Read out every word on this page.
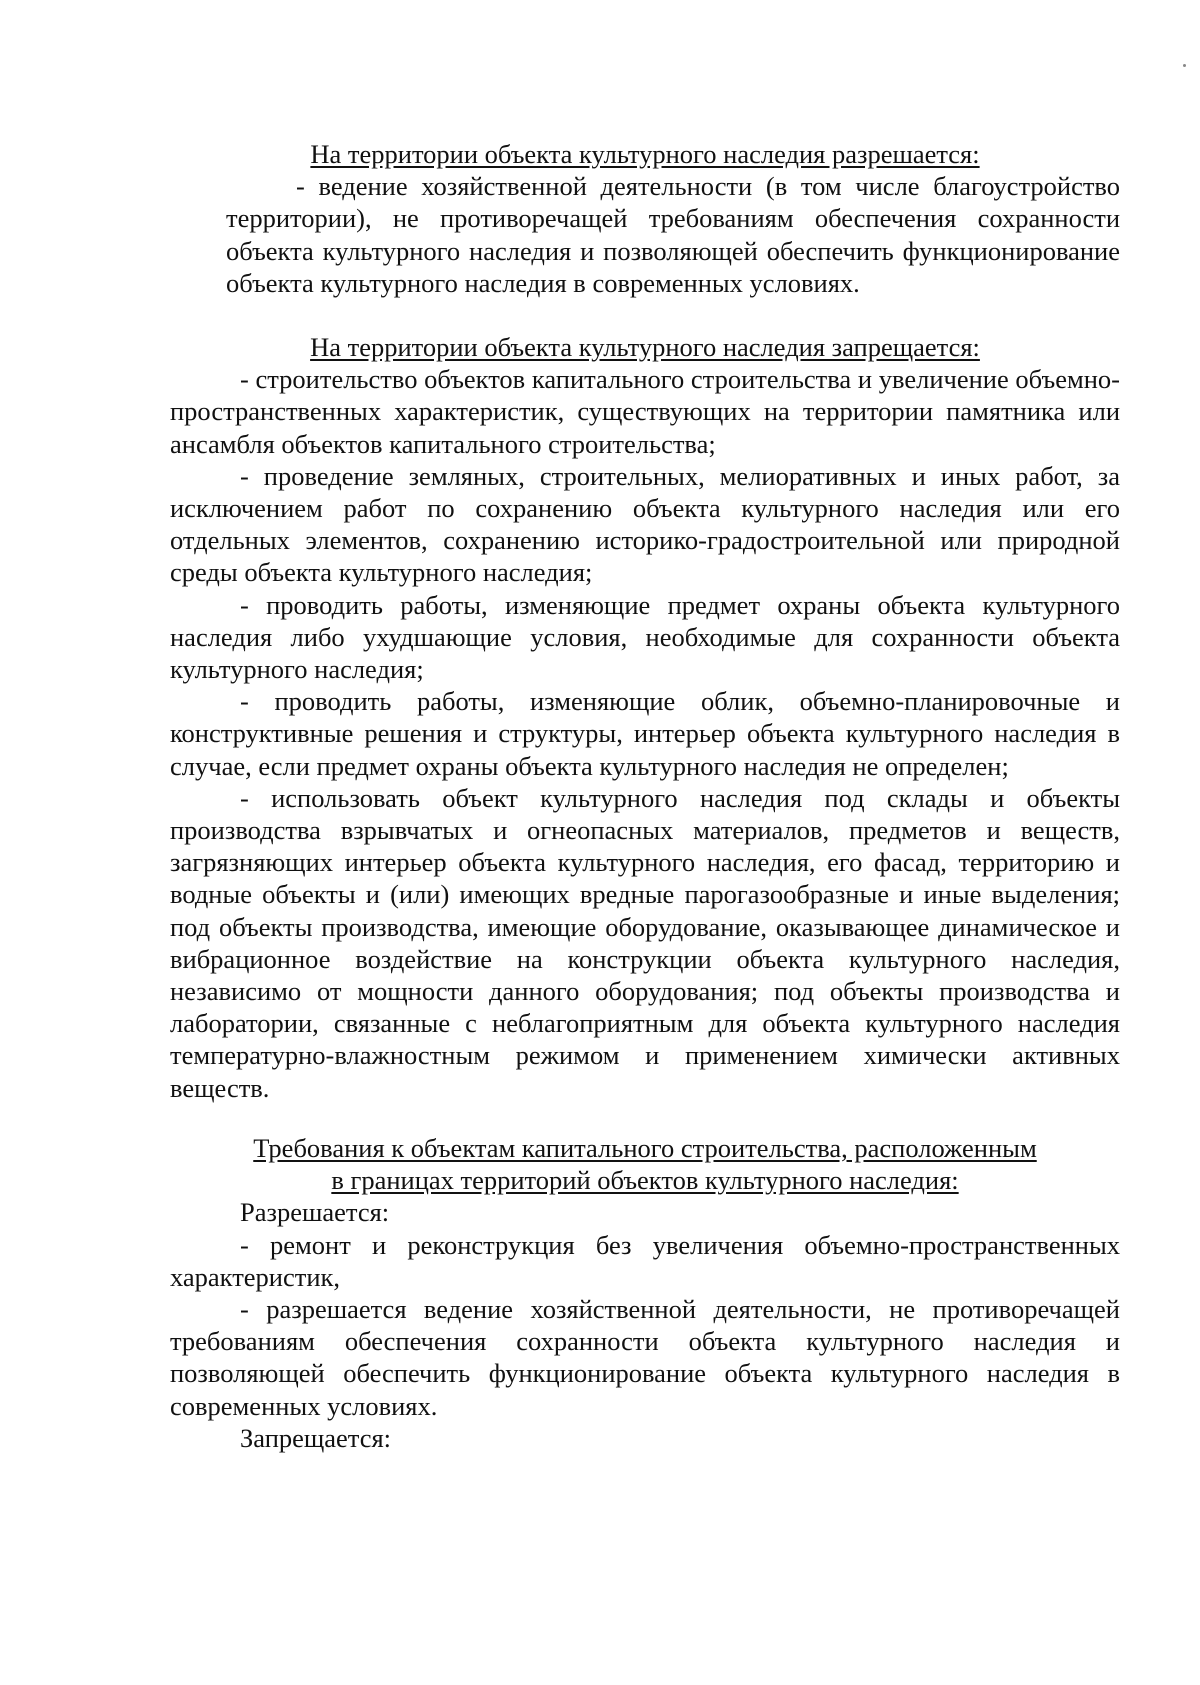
На территории объекта культурного наследия разрешается:

- ведение хозяйственной деятельности (в том числе благоустройство территории), не противоречащей требованиям обеспечения сохранности объекта культурного наследия и позволяющей обеспечить функционирование объекта культурного наследия в современных условиях.

На территории объекта культурного наследия запрещается:

- строительство объектов капитального строительства и увеличение объемно-пространственных характеристик, существующих на территории памятника или ансамбля объектов капитального строительства;

- проведение земляных, строительных, мелиоративных и иных работ, за исключением работ по сохранению объекта культурного наследия или его отдельных элементов, сохранению историко-градостроительной или природной среды объекта культурного наследия;

- проводить работы, изменяющие предмет охраны объекта культурного наследия либо ухудшающие условия, необходимые для сохранности объекта культурного наследия;

- проводить работы, изменяющие облик, объемно-планировочные и конструктивные решения и структуры, интерьер объекта культурного наследия в случае, если предмет охраны объекта культурного наследия не определен;

- использовать объект культурного наследия под склады и объекты производства взрывчатых и огнеопасных материалов, предметов и веществ, загрязняющих интерьер объекта культурного наследия, его фасад, территорию и водные объекты и (или) имеющих вредные парогазообразные и иные выделения; под объекты производства, имеющие оборудование, оказывающее динамическое и вибрационное воздействие на конструкции объекта культурного наследия, независимо от мощности данного оборудования; под объекты производства и лаборатории, связанные с неблагоприятным для объекта культурного наследия температурно-влажностным режимом и применением химически активных веществ.

Требования к объектам капитального строительства, расположенным

в границах территорий объектов культурного наследия:

Разрешается:

- ремонт и реконструкция без увеличения объемно-пространственных характеристик,

- разрешается ведение хозяйственной деятельности, не противоречащей требованиям обеспечения сохранности объекта культурного наследия и позволяющей обеспечить функционирование объекта культурного наследия в современных условиях.

Запрещается:
